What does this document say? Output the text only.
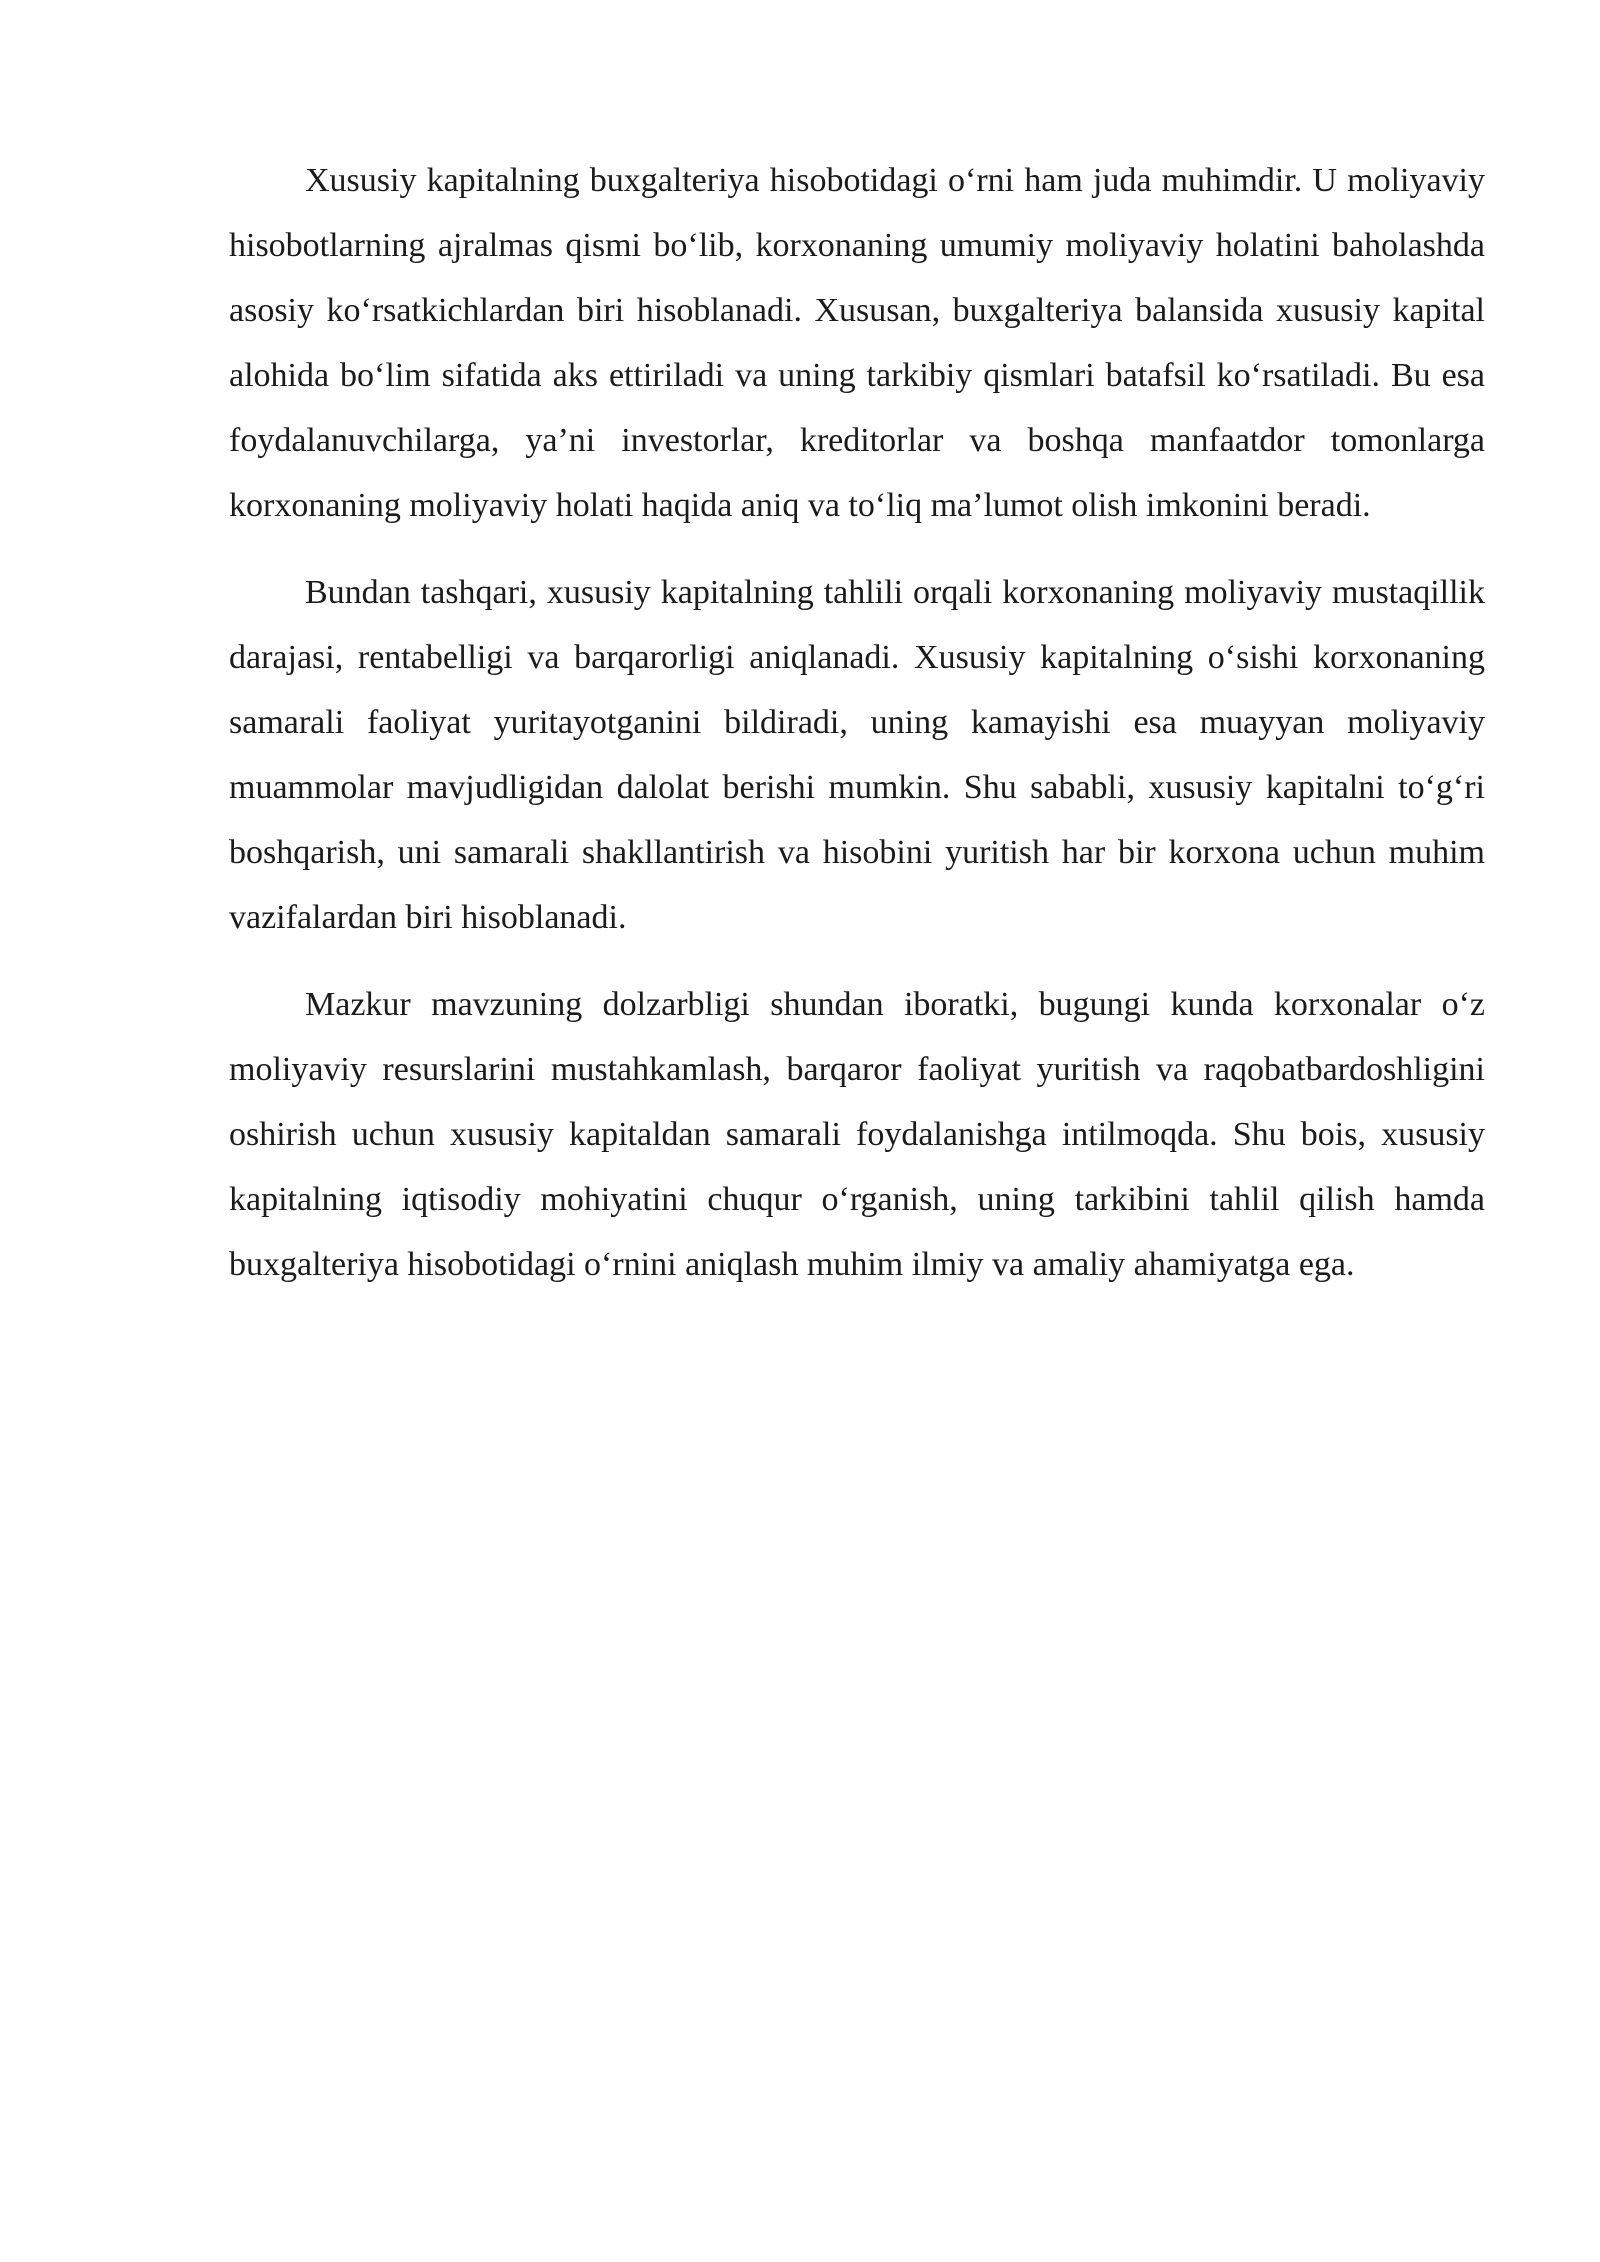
Xususiy kapitalning buxgalteriya hisobotidagi o‘rni ham juda muhimdir. U moliyaviy hisobotlarning ajralmas qismi bo‘lib, korxonaning umumiy moliyaviy holatini baholashda asosiy ko‘rsatkichlardan biri hisoblanadi. Xususan, buxgalteriya balansida xususiy kapital alohida bo‘lim sifatida aks ettiriladi va uning tarkibiy qismlari batafsil ko‘rsatiladi. Bu esa foydalanuvchilarga, ya’ni investorlar, kreditorlar va boshqa manfaatdor tomonlarga korxonaning moliyaviy holati haqida aniq va to‘liq ma’lumot olish imkonini beradi.

Bundan tashqari, xususiy kapitalning tahlili orqali korxonaning moliyaviy mustaqillik darajasi, rentabelligi va barqarorligi aniqlanadi. Xususiy kapitalning o‘sishi korxonaning samarali faoliyat yuritayotganini bildiradi, uning kamayishi esa muayyan moliyaviy muammolar mavjudligidan dalolat berishi mumkin. Shu sababli, xususiy kapitalni to‘g‘ri boshqarish, uni samarali shakllantirish va hisobini yuritish har bir korxona uchun muhim vazifalardan biri hisoblanadi.

Mazkur mavzuning dolzarbligi shundan iboratki, bugungi kunda korxonalar o‘z moliyaviy resurslarini mustahkamlash, barqaror faoliyat yuritish va raqobatbardoshligini oshirish uchun xususiy kapitaldan samarali foydalanishga intilmoqda. Shu bois, xususiy kapitalning iqtisodiy mohiyatini chuqur o‘rganish, uning tarkibini tahlil qilish hamda buxgalteriya hisobotidagi o‘rnini aniqlash muhim ilmiy va amaliy ahamiyatga ega.
